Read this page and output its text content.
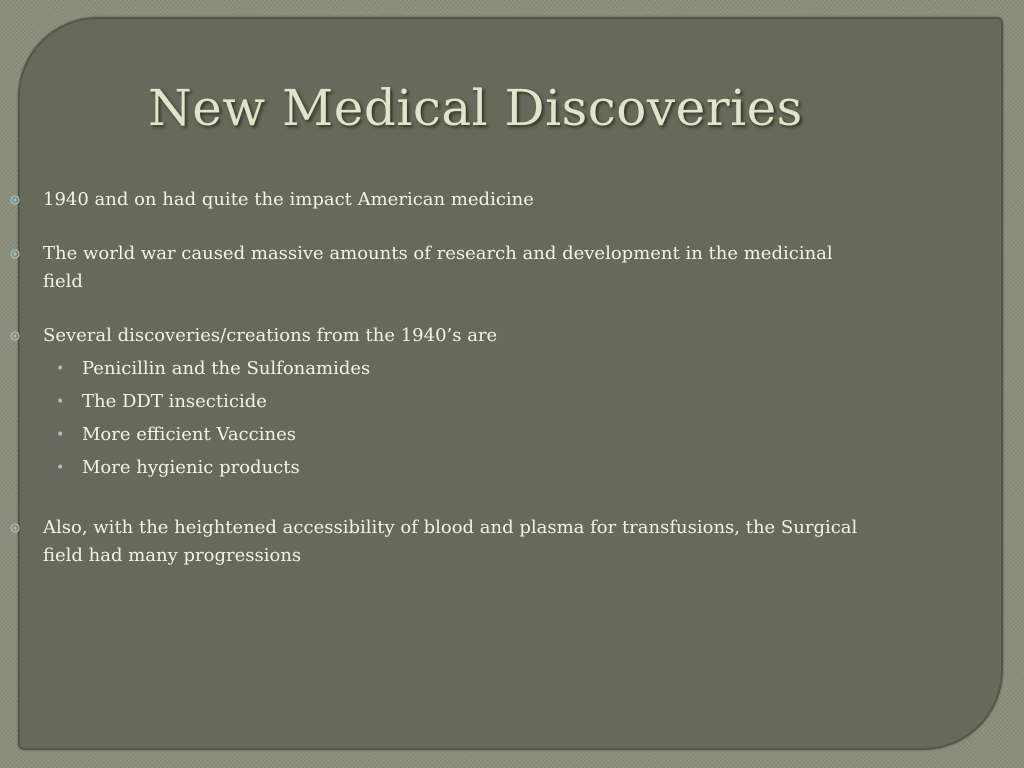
New Medical Discoveries
1940 and on had quite the impact American medicine
The world war caused massive amounts of research and development in the medicinal field
Several discoveries/creations from the 1940’s are
• Penicillin and the Sulfonamides
• The DDT insecticide
• More efficient Vaccines
• More hygienic products
Also, with the heightened accessibility of blood and plasma for transfusions, the Surgical field had many progressions
